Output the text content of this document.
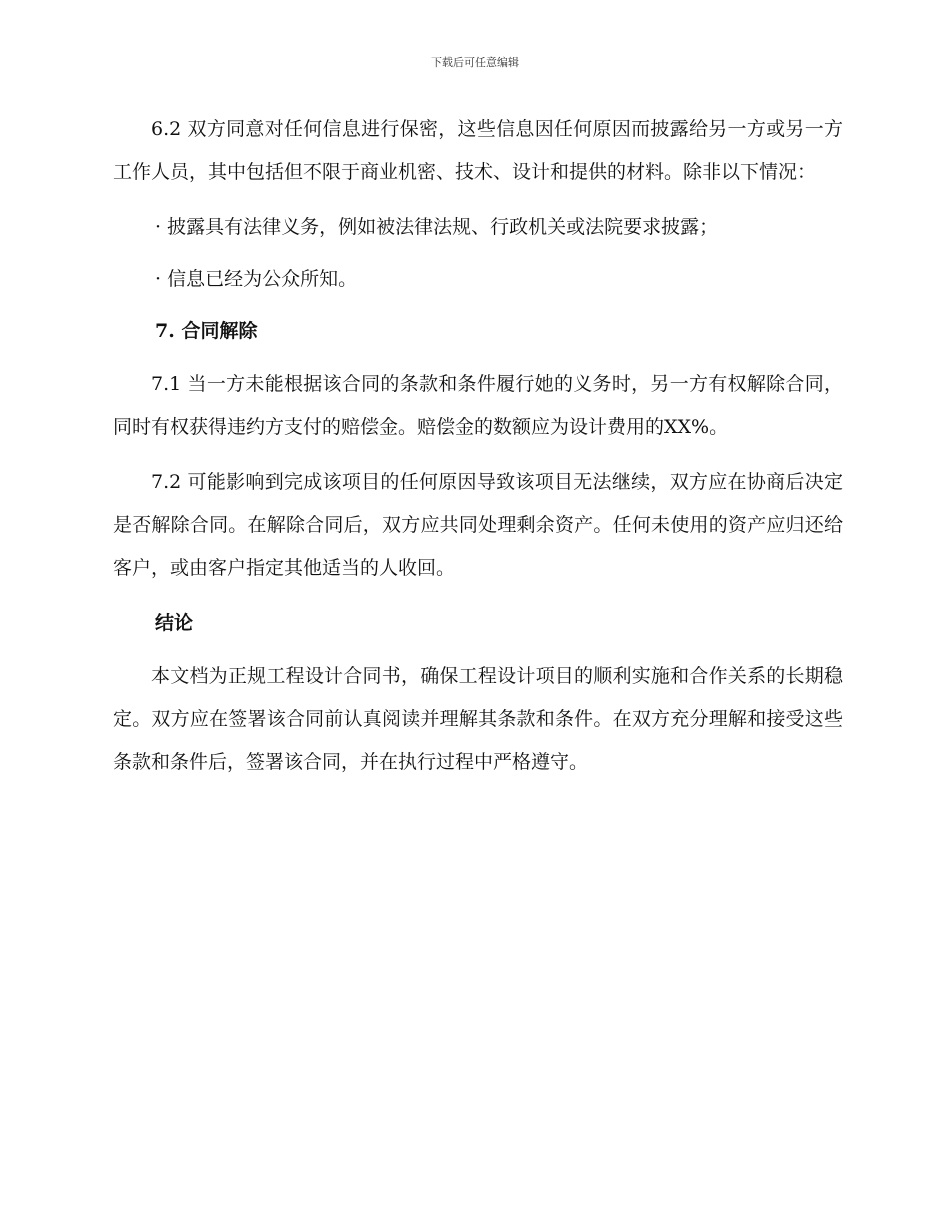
下载后可任意编辑

6.2 双方同意对任何信息进行保密，这些信息因任何原因而披露给另一方或另一方工作人员，其中包括但不限于商业机密、技术、设计和提供的材料。除非以下情况：

· 披露具有法律义务，例如被法律法规、行政机关或法院要求披露；
· 信息已经为公众所知。
7. 合同解除

7.1 当一方未能根据该合同的条款和条件履行她的义务时，另一方有权解除合同，同时有权获得违约方支付的赔偿金。赔偿金的数额应为设计费用的XX%。

7.2 可能影响到完成该项目的任何原因导致该项目无法继续，双方应在协商后决定是否解除合同。在解除合同后，双方应共同处理剩余资产。任何未使用的资产应归还给客户，或由客户指定其他适当的人收回。

结论

本文档为正规工程设计合同书，确保工程设计项目的顺利实施和合作关系的长期稳定。双方应在签署该合同前认真阅读并理解其条款和条件。在双方充分理解和接受这些条款和条件后，签署该合同，并在执行过程中严格遵守。
